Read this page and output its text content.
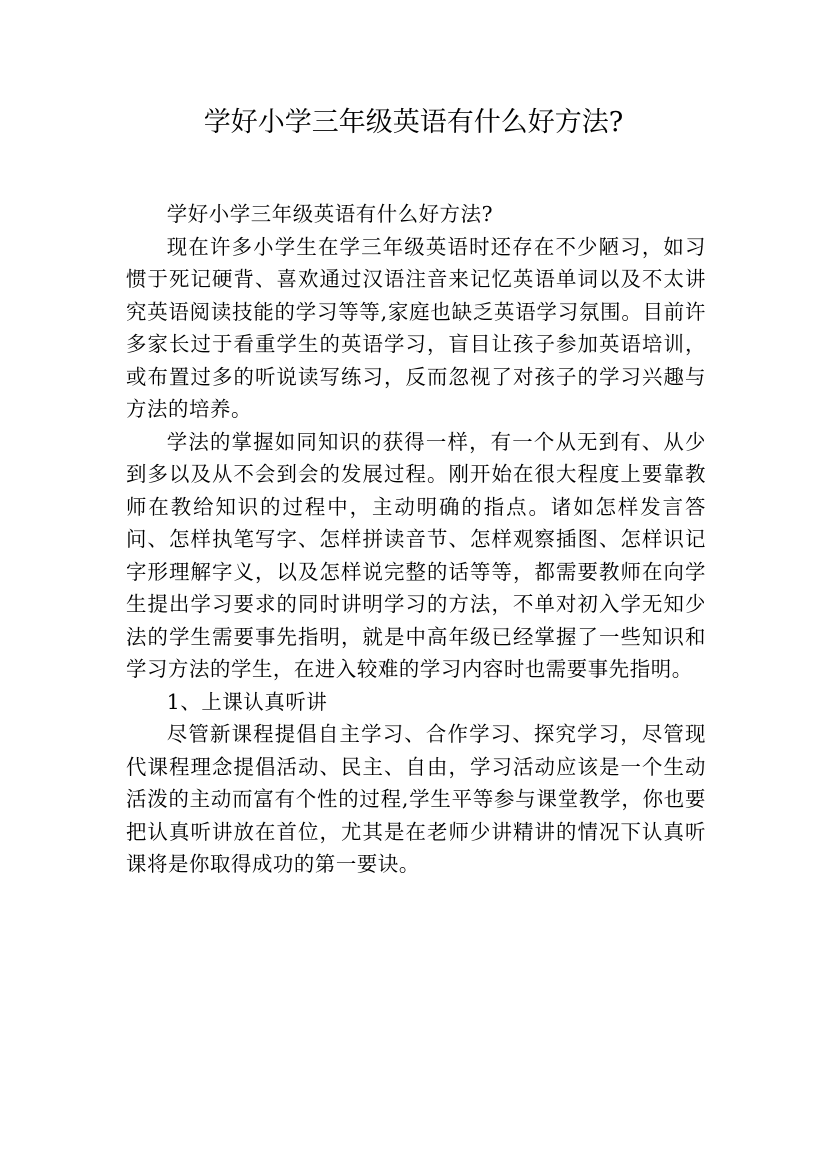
学好小学三年级英语有什么好方法?

学好小学三年级英语有什么好方法?

现在许多小学生在学三年级英语时还存在不少陋习，如习惯于死记硬背、喜欢通过汉语注音来记忆英语单词以及不太讲究英语阅读技能的学习等等,家庭也缺乏英语学习氛围。目前许多家长过于看重学生的英语学习，盲目让孩子参加英语培训，或布置过多的听说读写练习，反而忽视了对孩子的学习兴趣与方法的培养。

学法的掌握如同知识的获得一样，有一个从无到有、从少到多以及从不会到会的发展过程。刚开始在很大程度上要靠教师在教给知识的过程中，主动明确的指点。诸如怎样发言答问、怎样执笔写字、怎样拼读音节、怎样观察插图、怎样识记字形理解字义，以及怎样说完整的话等等，都需要教师在向学生提出学习要求的同时讲明学习的方法，不单对初入学无知少法的学生需要事先指明，就是中高年级已经掌握了一些知识和学习方法的学生，在进入较难的学习内容时也需要事先指明。

1、上课认真听讲

尽管新课程提倡自主学习、合作学习、探究学习，尽管现代课程理念提倡活动、民主、自由，学习活动应该是一个生动活泼的主动而富有个性的过程,学生平等参与课堂教学，你也要把认真听讲放在首位，尤其是在老师少讲精讲的情况下认真听课将是你取得成功的第一要诀。
